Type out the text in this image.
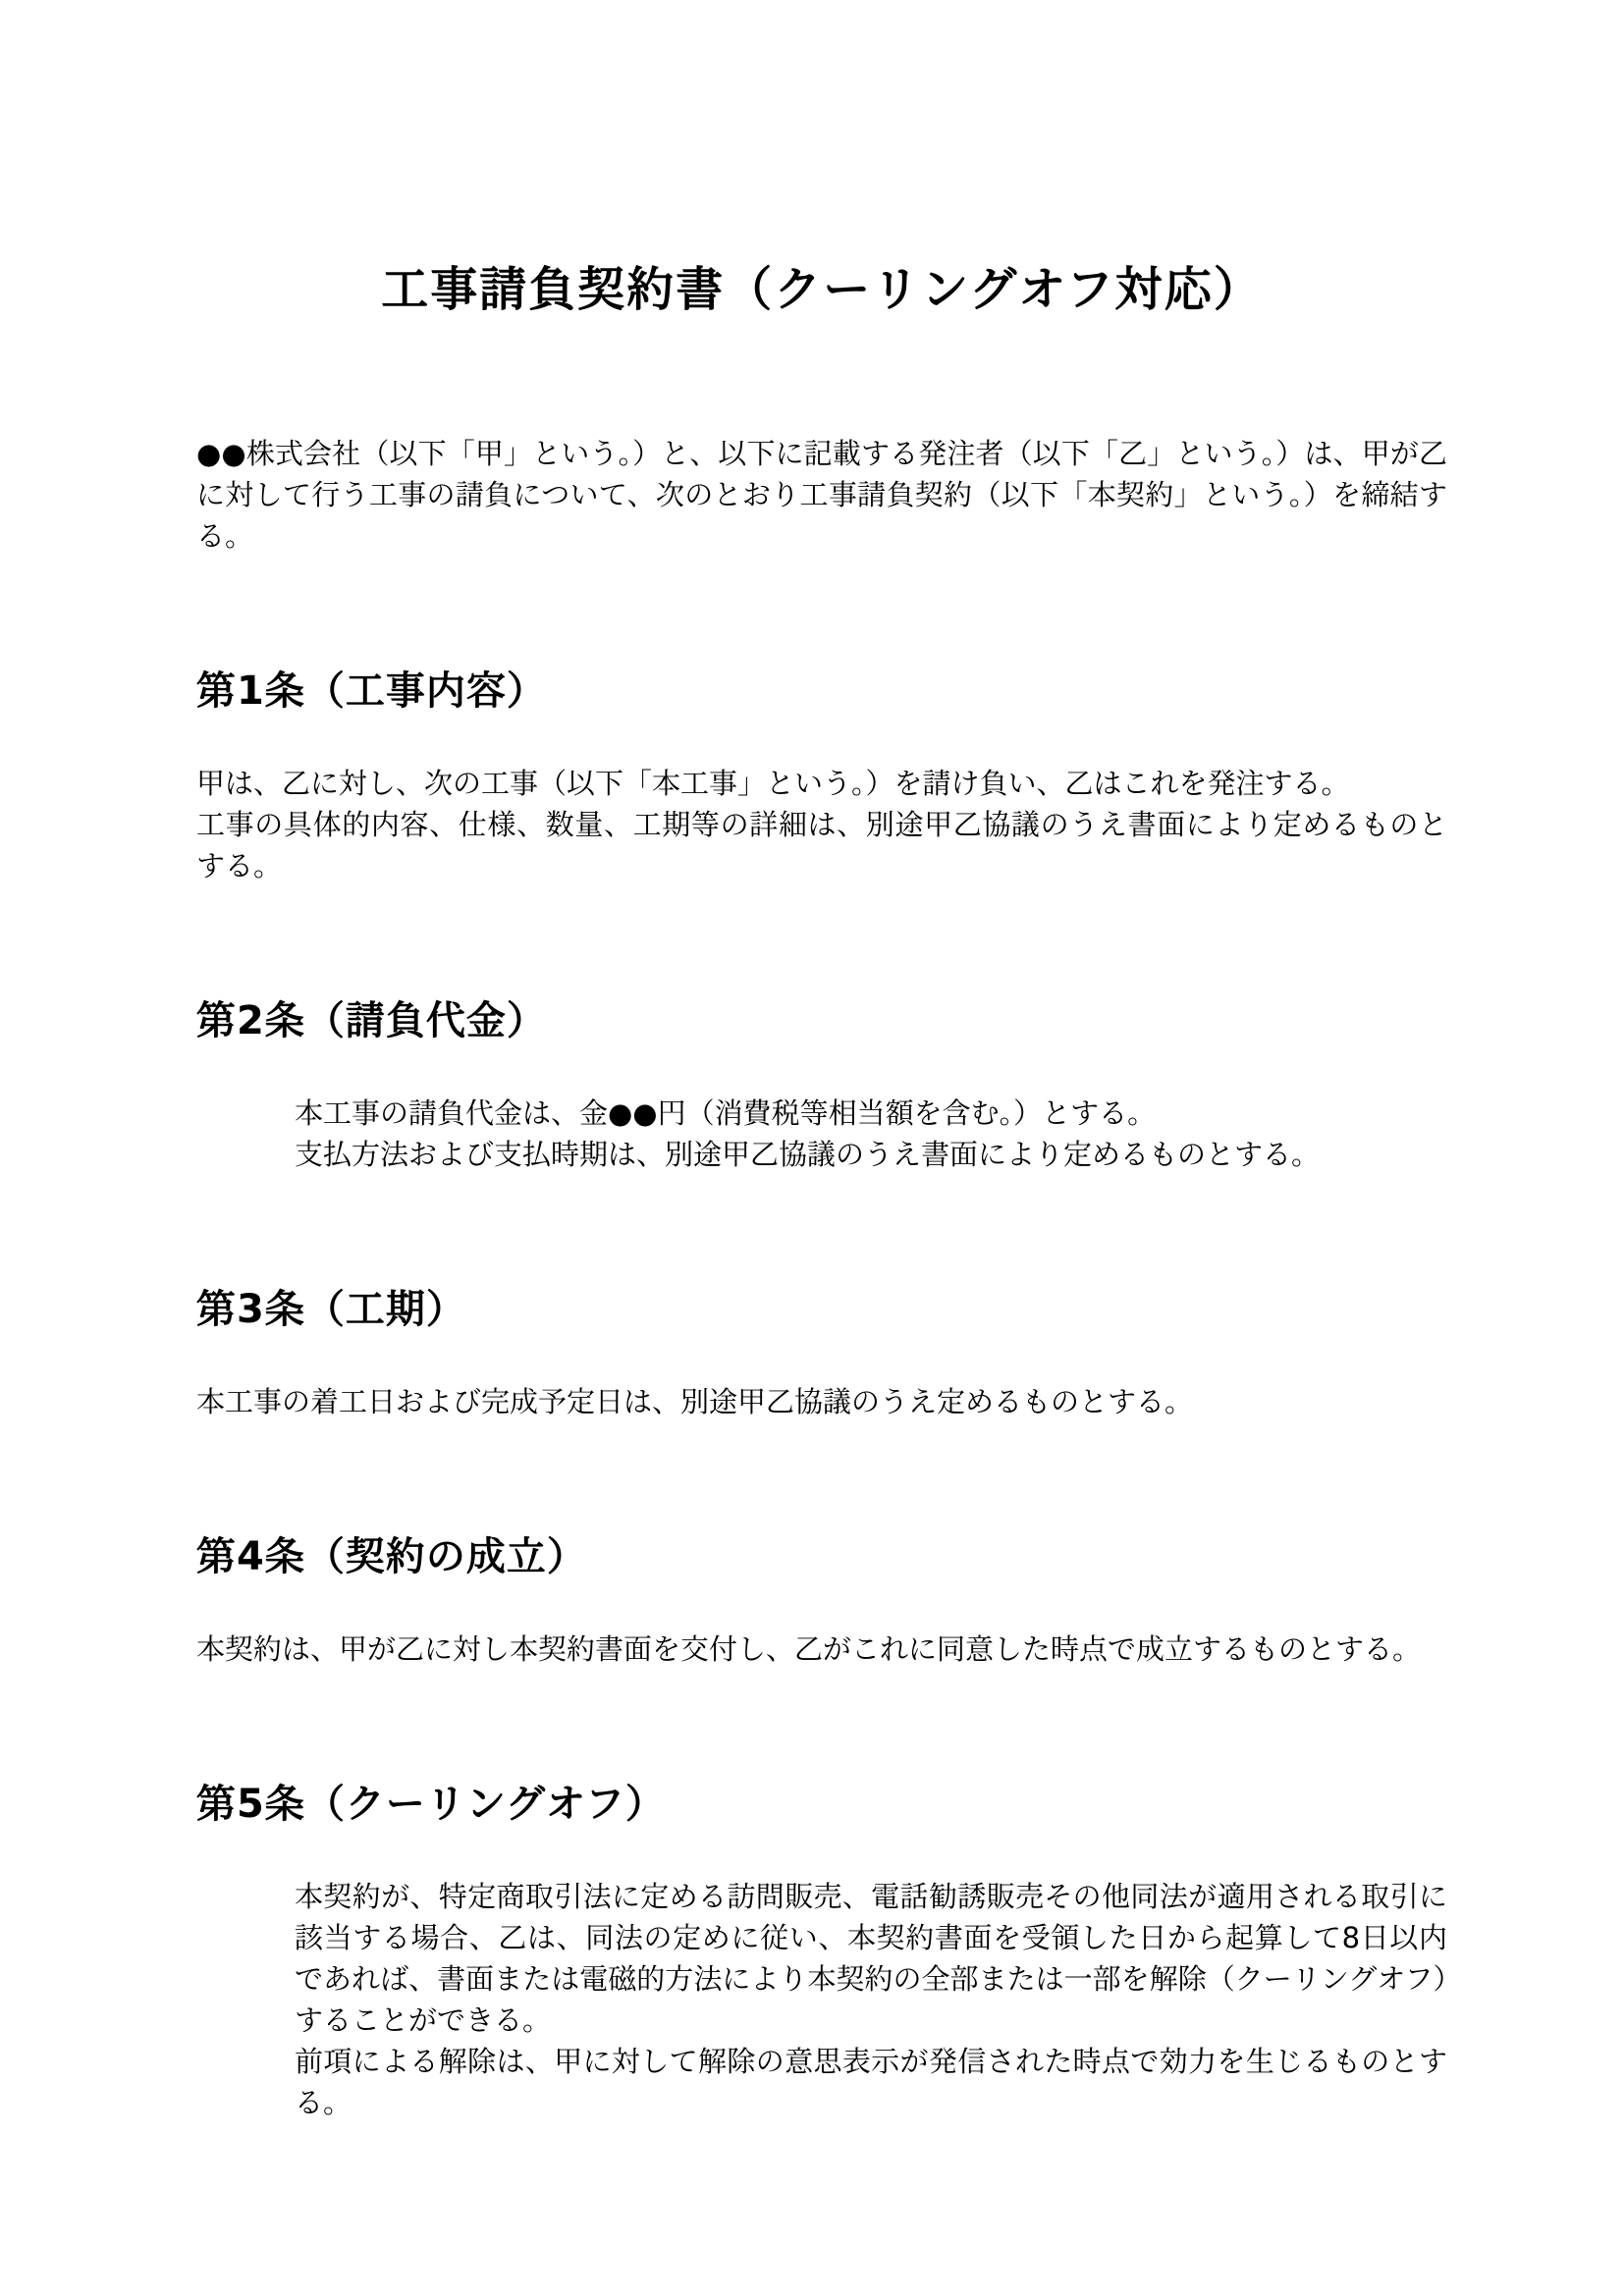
工事請負契約書（クーリングオフ対応）

●●株式会社（以下「甲」という。）と、以下に記載する発注者（以下「乙」という。）は、甲が乙に対して行う工事の請負について、次のとおり工事請負契約（以下「本契約」という。）を締結する。

第1条（工事内容）

甲は、乙に対し、次の工事（以下「本工事」という。）を請け負い、乙はこれを発注する。

工事の具体的内容、仕様、数量、工期等の詳細は、別途甲乙協議のうえ書面により定めるものとする。

第2条（請負代金）

本工事の請負代金は、金●●円（消費税等相当額を含む。）とする。

支払方法および支払時期は、別途甲乙協議のうえ書面により定めるものとする。

第3条（工期）

本工事の着工日および完成予定日は、別途甲乙協議のうえ定めるものとする。

第4条（契約の成立）

本契約は、甲が乙に対し本契約書面を交付し、乙がこれに同意した時点で成立するものとする。

第5条（クーリングオフ）

本契約が、特定商取引法に定める訪問販売、電話勧誘販売その他同法が適用される取引に該当する場合、乙は、同法の定めに従い、本契約書面を受領した日から起算して8日以内であれば、書面または電磁的方法により本契約の全部または一部を解除（クーリングオフ）することができる。

前項による解除は、甲に対して解除の意思表示が発信された時点で効力を生じるものとする。
